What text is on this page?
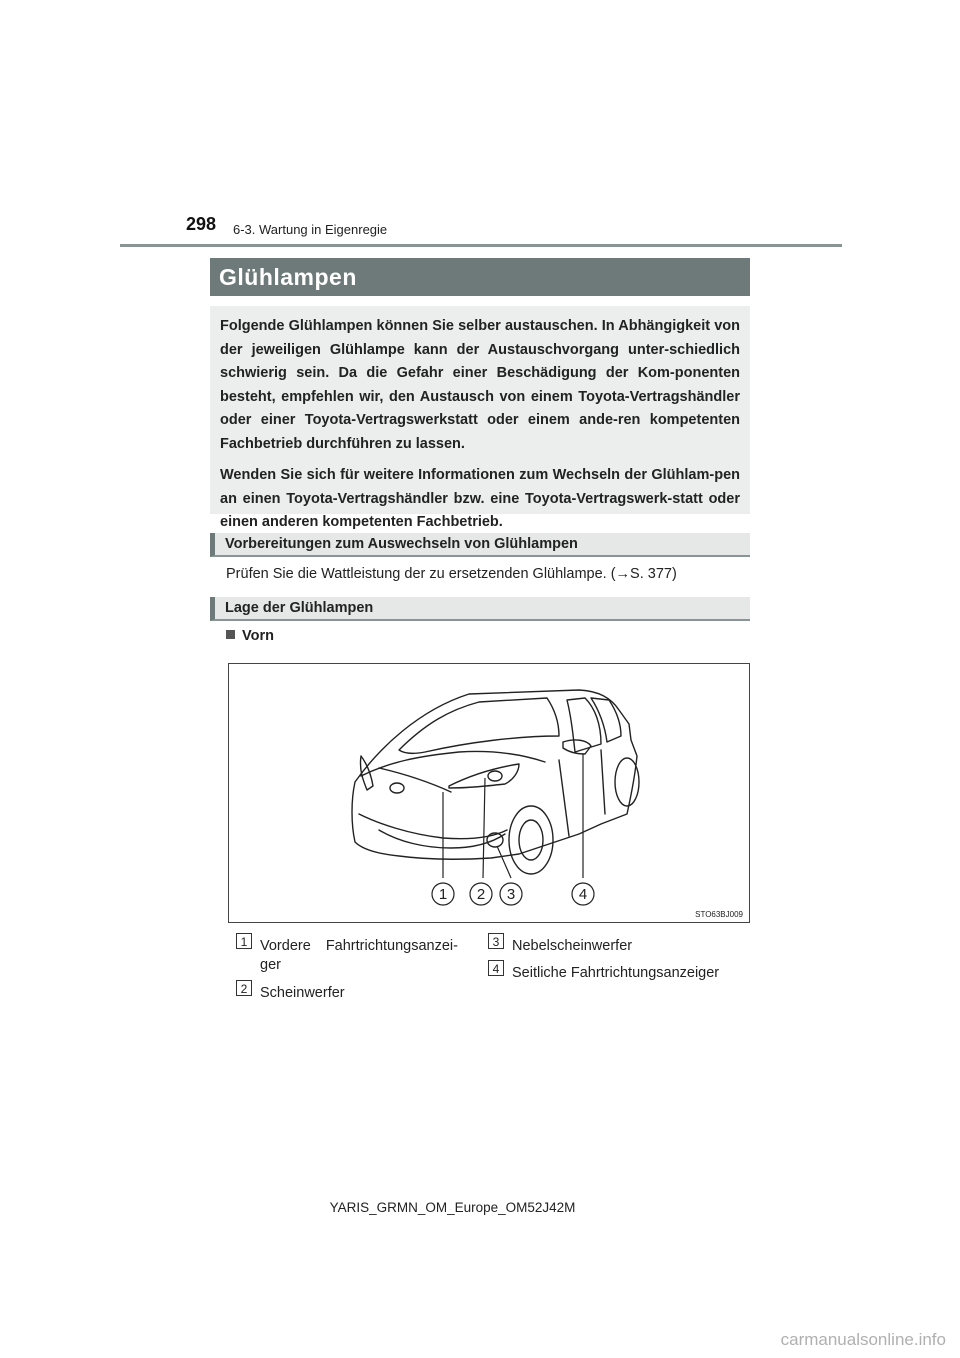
298 6-3. Wartung in Eigenregie
Glühlampen

Folgende Glühlampen können Sie selber austauschen. In Abhängigkeit von der jeweiligen Glühlampe kann der Austauschvorgang unter-schiedlich schwierig sein. Da die Gefahr einer Beschädigung der Kom-ponenten besteht, empfehlen wir, den Austausch von einem Toyota-Vertragshändler oder einer Toyota-Vertragswerkstatt oder einem ande-ren kompetenten Fachbetrieb durchführen zu lassen.

Wenden Sie sich für weitere Informationen zum Wechseln der Glühlam-pen an einen Toyota-Vertragshändler bzw. eine Toyota-Vertragswerk-statt oder einen anderen kompetenten Fachbetrieb.

Vorbereitungen zum Auswechseln von Glühlampen
Prüfen Sie die Wattleistung der zu ersetzenden Glühlampe. (→S. 377)
Lage der Glühlampen
Vorn
1 2 3	4
STO63BJ009
1 Vordere Fahrtrichtungsanzei-
ger
2 Scheinwerfer
3 Nebelscheinwerfer
4 Seitliche Fahrtrichtungsanzeiger
YARIS_GRMN_OM_Europe_OM52J42M
carmanualsonline.info
